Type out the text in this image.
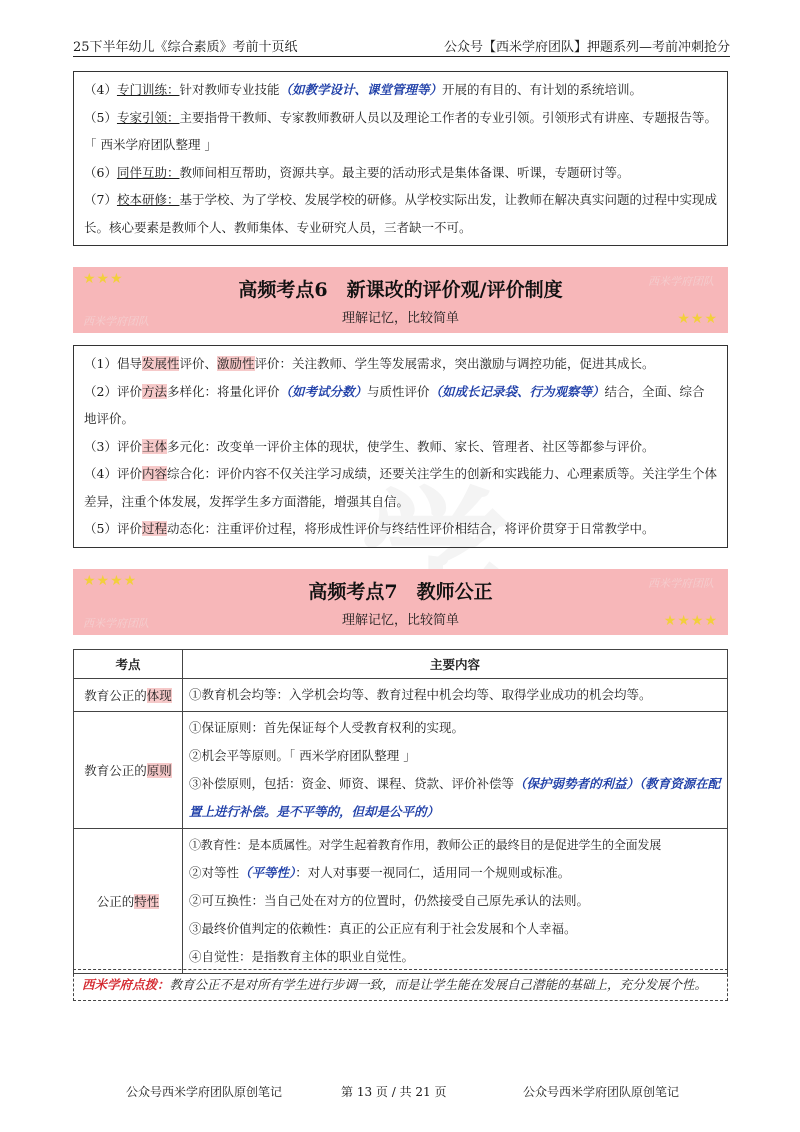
25下半年幼儿《综合素质》考前十页纸	公众号【西米学府团队】押题系列—考前冲刺抢分

（4）专门训练：针对教师专业技能（如教学设计、课堂管理等）开展的有目的、有计划的系统培训。

（5）专家引领：主要指骨干教师、专家教师教研人员以及理论工作者的专业引领。引领形式有讲座、专题报告等。「 西米学府团队整理 」

（6）同伴互助：教师间相互帮助，资源共享。最主要的活动形式是集体备课、听课，专题研讨等。

（7）校本研修：基于学校、为了学校、发展学校的研修。从学校实际出发，让教师在解决真实问题的过程中实现成长。核心要素是教师个人、教师集体、专业研究人员，三者缺一不可。

★★★	西米学府团队
高频考点6　新课改的评价观/评价制度
理解记忆，比较简单
西米学府团队	★★★

（1）倡导发展性评价、激励性评价：关注教师、学生等发展需求，突出激励与调控功能，促进其成长。

（2）评价方法多样化：将量化评价（如考试分数）与质性评价（如成长记录袋、行为观察等）结合，全面、综合地评价。

（3）评价主体多元化：改变单一评价主体的现状，使学生、教师、家长、管理者、社区等都参与评价。

（4）评价内容综合化：评价内容不仅关注学习成绩，还要关注学生的创新和实践能力、心理素质等。关注学生个体差异，注重个体发展，发挥学生多方面潜能，增强其自信。

（5）评价过程动态化：注重评价过程，将形成性评价与终结性评价相结合，将评价贯穿于日常教学中。

★★★★	西米学府团队
高频考点7　教师公正
理解记忆，比较简单
西米学府团队	★★★★
考点	主要内容
教育公正的体现	①教育机会均等：入学机会均等、教育过程中机会均等、取得学业成功的机会均等。

教育公正的原则	①保证原则：首先保证每个人受教育权利的实现。

②机会平等原则。「 西米学府团队整理 」

③补偿原则，包括：资金、师资、课程、贷款、评价补偿等（保护弱势者的利益）（教育资源在配置上进行补偿。是不平等的，但却是公平的）

公正的特性	①教育性：是本质属性。对学生起着教育作用，教师公正的最终目的是促进学生的全面发展

②对等性（平等性）：对人对事要一视同仁，适用同一个规则或标准。

②可互换性：当自己处在对方的位置时，仍然接受自己原先承认的法则。

③最终价值判定的依赖性：真正的公正应有利于社会发展和个人幸福。

④自觉性：是指教育主体的职业自觉性。

西米学府点拨：教育公正不是对所有学生进行步调一致，而是让学生能在发展自己潜能的基础上，充分发展个性。
公众号西米学府团队原创笔记	第 13 页 / 共 21 页	公众号西米学府团队原创笔记
